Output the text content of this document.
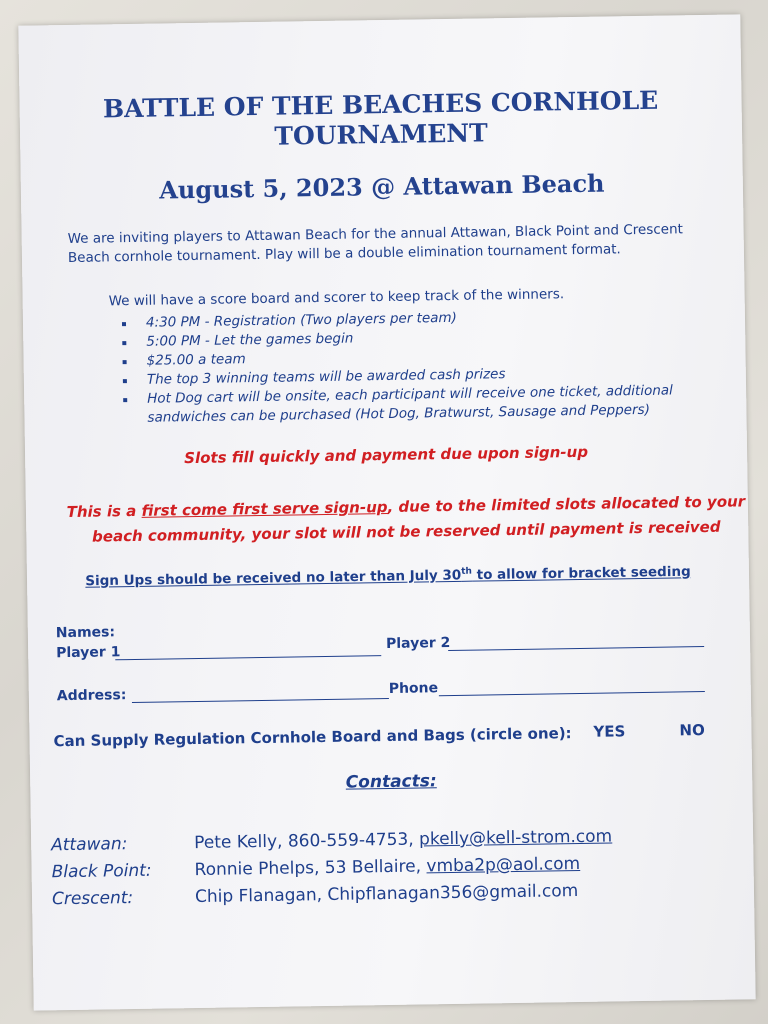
BATTLE OF THE BEACHES CORNHOLE
TOURNAMENT
August 5, 2023 @ Attawan Beach
We are inviting players to Attawan Beach for the annual Attawan, Black Point and Crescent Beach cornhole tournament. Play will be a double elimination tournament format.
We will have a score board and scorer to keep track of the winners.
4:30 PM - Registration (Two players per team)
5:00 PM - Let the games begin
$25.00 a team
The top 3 winning teams will be awarded cash prizes
Hot Dog cart will be onsite, each participant will receive one ticket, additional sandwiches can be purchased (Hot Dog, Bratwurst, Sausage and Peppers)
Slots fill quickly and payment due upon sign-up
This is a first come first serve sign-up, due to the limited slots allocated to your beach community, your slot will not be reserved until payment is received
Sign Ups should be received no later than July 30th to allow for bracket seeding
Names:
Player 1
Player 2
Address:	Phone
Can Supply Regulation Cornhole Board and Bags (circle one): YES	NO
Contacts:
Attawan:	Pete Kelly, 860-559-4753, pkelly@kell-strom.com
Black Point:	Ronnie Phelps, 53 Bellaire, vmba2p@aol.com
Crescent:	Chip Flanagan, Chipflanagan356@gmail.com
